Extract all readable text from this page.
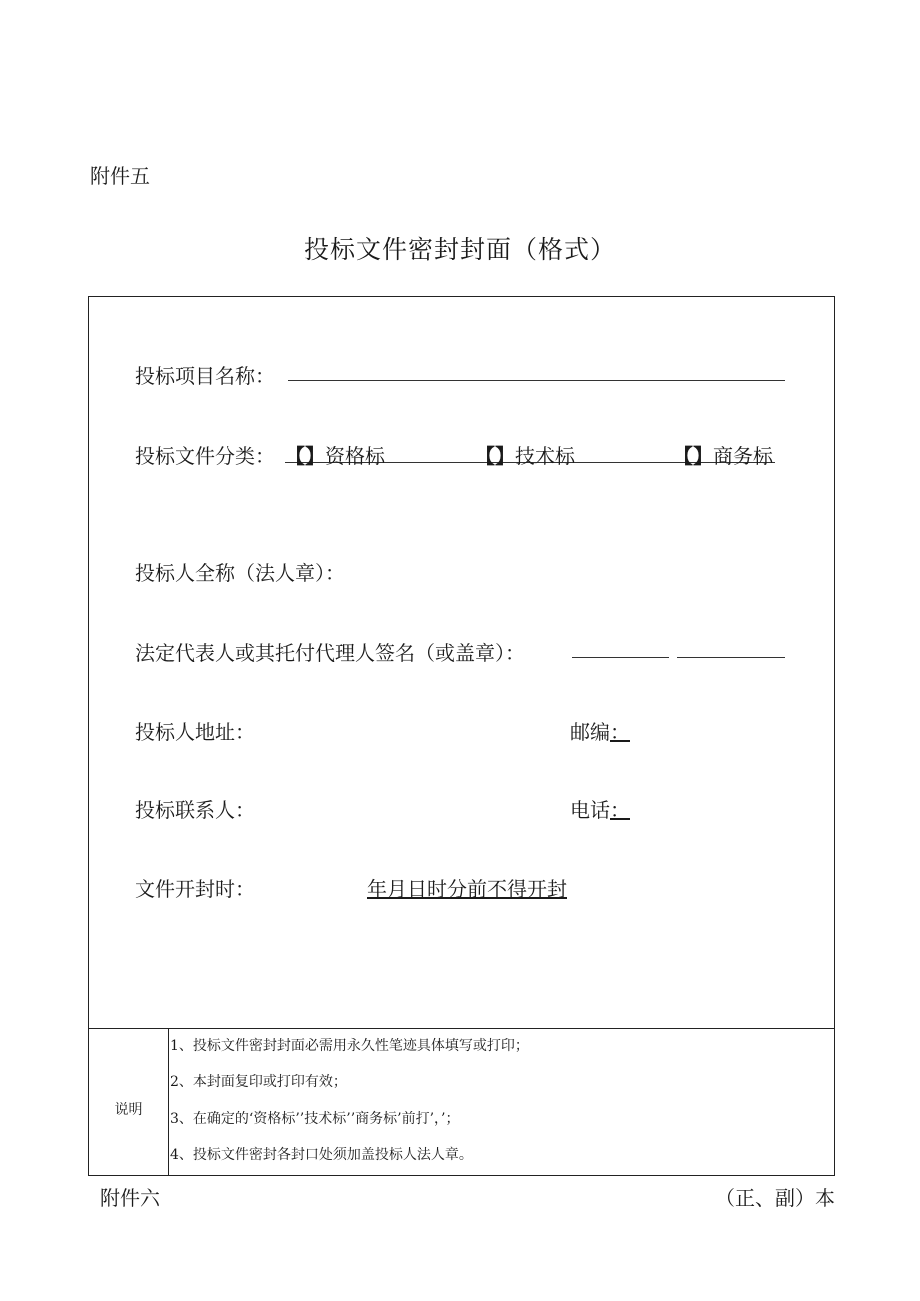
附件五
投标文件密封封面（格式）
投标项目名称：
投标文件分类： 【】资格标	【】技术标	【】商务标
投标人全称（法人章）：
法定代表人或其托付代理人签名（或盖章）：
投标人地址：	邮编：
投标联系人：	电话：
文件开封时：	年月日时分前不得开封
说明
1、投标文件密封封面必需用永久性笔迹具体填写或打印；
2、本封面复印或打印有效；
3、在确定的‘资格标’’技术标’’商务标’前打’，’；
4、投标文件密封各封口处须加盖投标人法人章。
附件六	（正、副）本
